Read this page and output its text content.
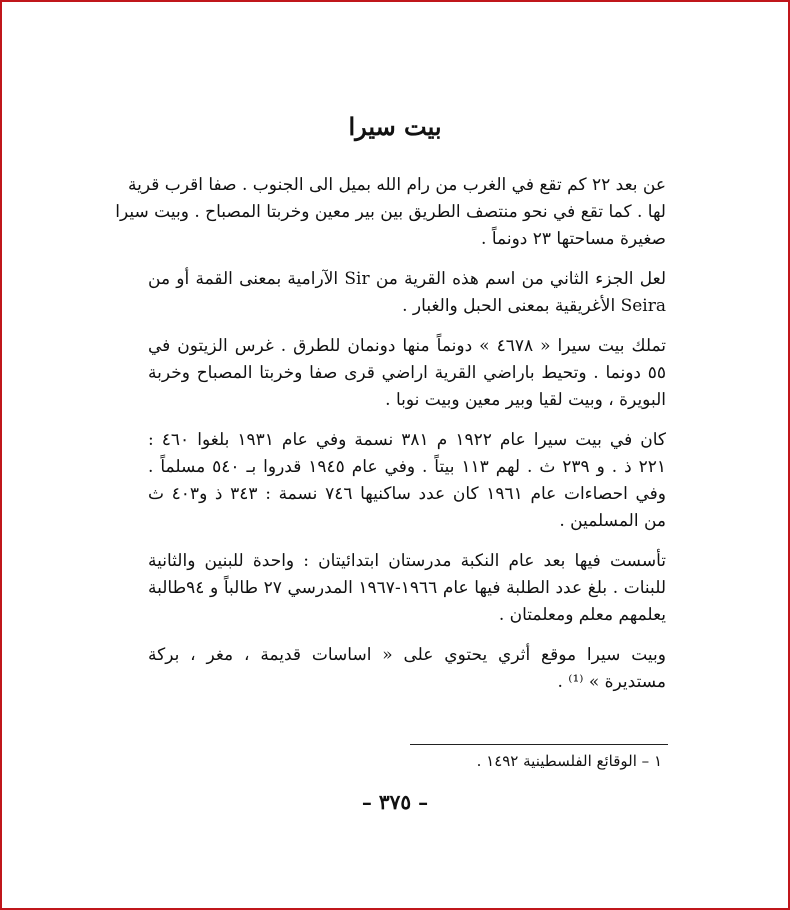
بيت سيرا

عن بعد ٢٢ كم تقع في الغرب من رام الله بميل الى الجنوب . صفا اقرب قرية
لها . كما تقع في نحو منتصف الطريق بين بير معين وخربتا المصباح . وبيت سيرا
صغيرة مساحتها ٢٣ دونماً .

لعل الجزء الثاني من اسم هذه القرية من Sir الآرامية بمعنى القمة أو من
Seira الأغريقية بمعنى الحبل والغبار .

تملك بيت سيرا « ٤٦٧٨ » دونماً منها دونمان للطرق . غرس الزيتون في
٥٥ دونما . وتحيط باراضي القرية اراضي قرى صفا وخربتا المصباح وخربة
البويرة ، وبيت لقيا وبير معين وبيت نوبا .

كان في بيت سيرا عام ١٩٢٢ م ٣٨١ نسمة وفي عام ١٩٣١ بلغوا ٤٦٠ :
٢٢١ ذ . و ٢٣٩ ث . لهم ١١٣ بيتاً . وفي عام ١٩٤٥ قدروا بـ ٥٤٠ مسلماً .
وفي احصاءات عام ١٩٦١ كان عدد ساكنيها ٧٤٦ نسمة : ٣٤٣ ذ و٤٠٣ ث
من المسلمين .

تأسست فيها بعد عام النكبة مدرستان ابتدائيتان : واحدة للبنين والثانية
للبنات . بلغ عدد الطلبة فيها عام ١٩٦٦-١٩٦٧ المدرسي ٢٧ طالباً و ٩٤طالبة
يعلمهم معلم ومعلمتان .

وبيت سيرا موقع أثري يحتوي على « اساسات قديمة ، مغر ، بركة
مستديرة » ⁽¹⁾ .

١ – الوقائع الفلسطينية ١٤٩٢ .
– ٣٧٥ –
